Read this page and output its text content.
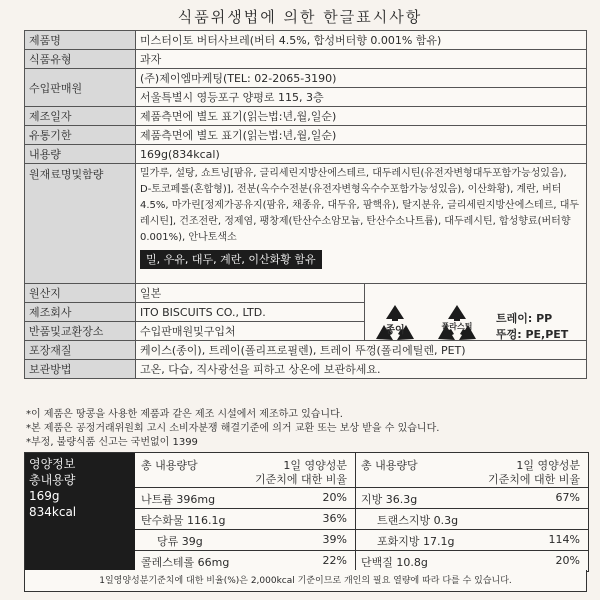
식품위생법에 의한 한글표시사항
제품명	미스터이토 버터사브레(버터 4.5%, 합성버터향 0.001% 함유)	
식품유형	과자	
수입판매원	(주)제이엠마케팅(TEL: 02-2065-3190)	
	서울특별시 영등포구 양평로 115, 3층	
제조일자	제품측면에 별도 표기(읽는법:년,월,일순)	
유통기한	제품측면에 별도 표기(읽는법:년,월,일순)	
내용량	169g(834kcal)	
원재료명및함량	밀가루, 설탕, 쇼트닝[팜유, 글리세린지방산에스테르, 대두레시틴(유전자변형대두포함가능성있음), D-토코페롤(혼합형)], 전분(옥수수전분(유전자변형옥수수포함가능성있음), 이산화황), 계란, 버터4.5%, 마가린[정제가공유지(팜유, 채종유, 대두유, 팜핵유), 탈지분유, 글리세린지방산에스테르, 대두레시틴], 건조전란, 정제염, 팽창제(탄산수소암모늄, 탄산수소나트륨), 대두레시틴, 합성향료(버터향0.001%), 안나토색소
밀, 우유, 대두, 계란, 이산화황 함유	
원산지	일본	
제조회사	ITO BISCUITS CO., LTD.	
반품및교환장소	수입판매원및구입처	
포장재질	케이스(종이), 트레이(폴리프로필렌), 트레이 뚜껑(폴리에틸렌, PET)	
보관방법	고온, 다습, 직사광선을 피하고 상온에 보관하세요.	
종이	플라스틱
트레이: PP
뚜껑: PE,PET
*이 제품은 땅콩을 사용한 제품과 같은 제조 시설에서 제조하고 있습니다.
*본 제품은 공정거래위원회 고시 소비자분쟁 해결기준에 의거 교환 또는 보상 받을 수 있습니다.
*부정, 불량식품 신고는 국번없이 1399
영양정보
총내용량
169g
834kcal
총 내용량당	1일 영양성분
기준치에 대한 비율
나트륨 396mg	20%
탄수화물 116.1g	36%
당류 39g	39%
콜레스테롤 66mg	22%
총 내용량당	1일 영양성분
기준치에 대한 비율
지방 36.3g	67%
트랜스지방 0.3g
포화지방 17.1g	114%
단백질 10.8g	20%
1일영양성분기준치에 대한 비율(%)은 2,000kcal 기준이므로 개인의 필요 열량에 따라 다를 수 있습니다.
